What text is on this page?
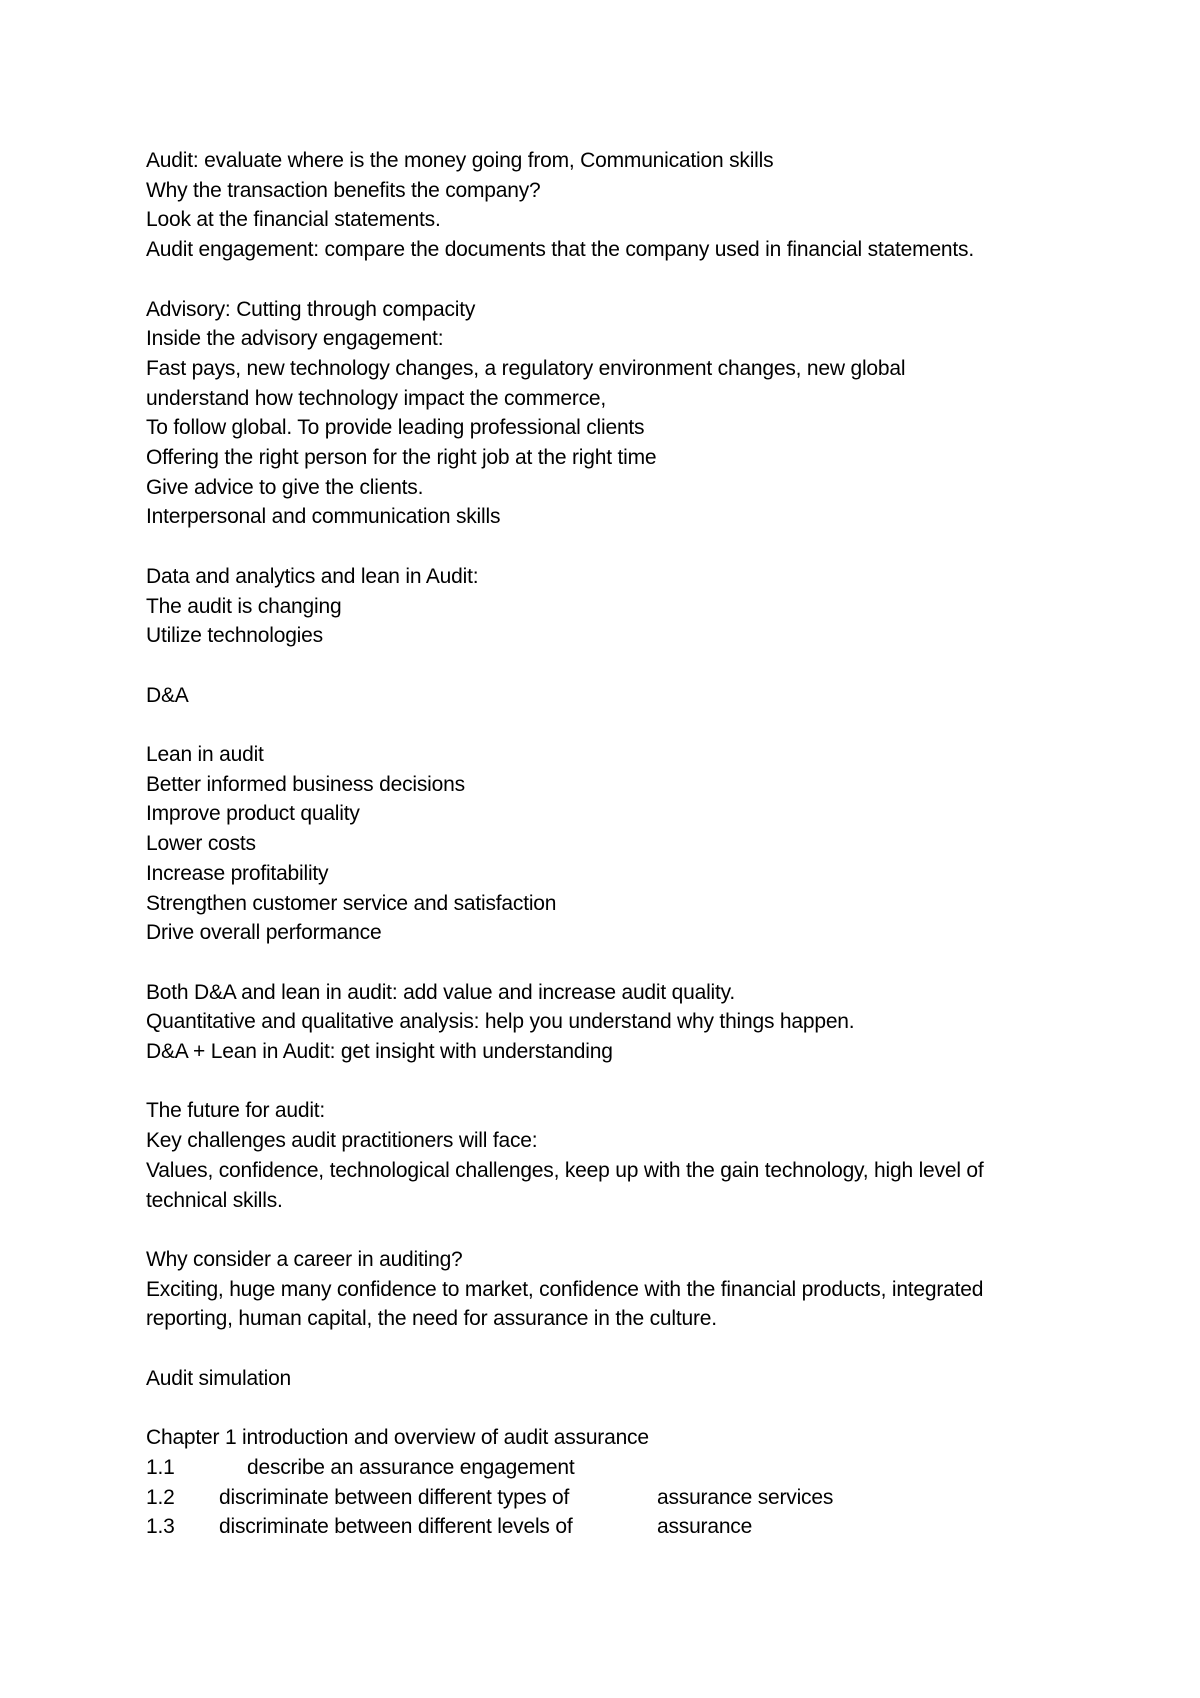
Audit: evaluate where is the money going from, Communication skills
Why the transaction benefits the company?
Look at the financial statements.
Audit engagement: compare the documents that the company used in financial statements.
Advisory: Cutting through compacity
Inside the advisory engagement:
Fast pays, new technology changes, a regulatory environment changes, new global
understand how technology impact the commerce,
To follow global. To provide leading professional clients
Offering the right person for the right job at the right time
Give advice to give the clients.
Interpersonal and communication skills
Data and analytics and lean in Audit:
The audit is changing
Utilize technologies
D&A
Lean in audit
Better informed business decisions
Improve product quality
Lower costs
Increase profitability
Strengthen customer service and satisfaction
Drive overall performance
Both D&A and lean in audit: add value and increase audit quality.
Quantitative and qualitative analysis: help you understand why things happen.
D&A + Lean in Audit: get insight with understanding
The future for audit:
Key challenges audit practitioners will face:
Values, confidence, technological challenges, keep up with the gain technology, high level of
technical skills.
Why consider a career in auditing?
Exciting, huge many confidence to market, confidence with the financial products, integrated
reporting, human capital, the need for assurance in the culture.
Audit simulation
Chapter 1 introduction and overview of audit assurance
1.1	describe an assurance engagement
1.2	discriminate between different types of	assurance services
1.3	discriminate between different levels of	assurance
